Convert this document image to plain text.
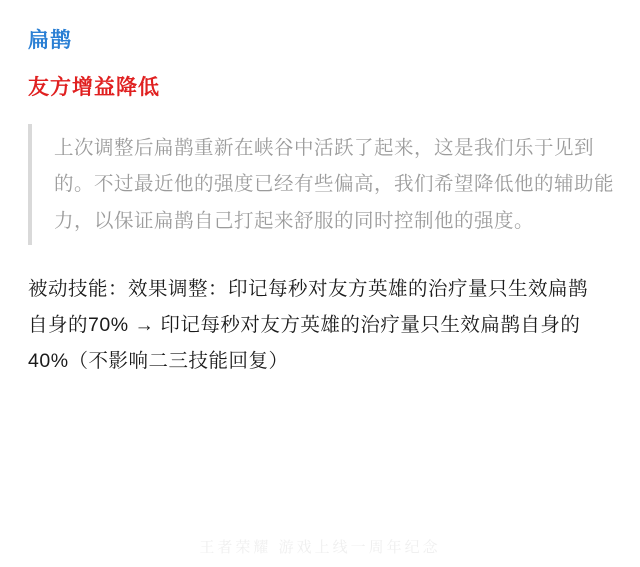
扁鹊
友方增益降低
上次调整后扁鹊重新在峡谷中活跃了起来，这是我们乐于见到的。不过最近他的强度已经有些偏高，我们希望降低他的辅助能力，以保证扁鹊自己打起来舒服的同时控制他的强度。

被动技能：效果调整：印记每秒对友方英雄的治疗量只生效扁鹊自身的70% → 印记每秒对友方英雄的治疗量只生效扁鹊自身的40%（不影响二三技能回复）

王者荣耀 游戏上线一周年纪念
